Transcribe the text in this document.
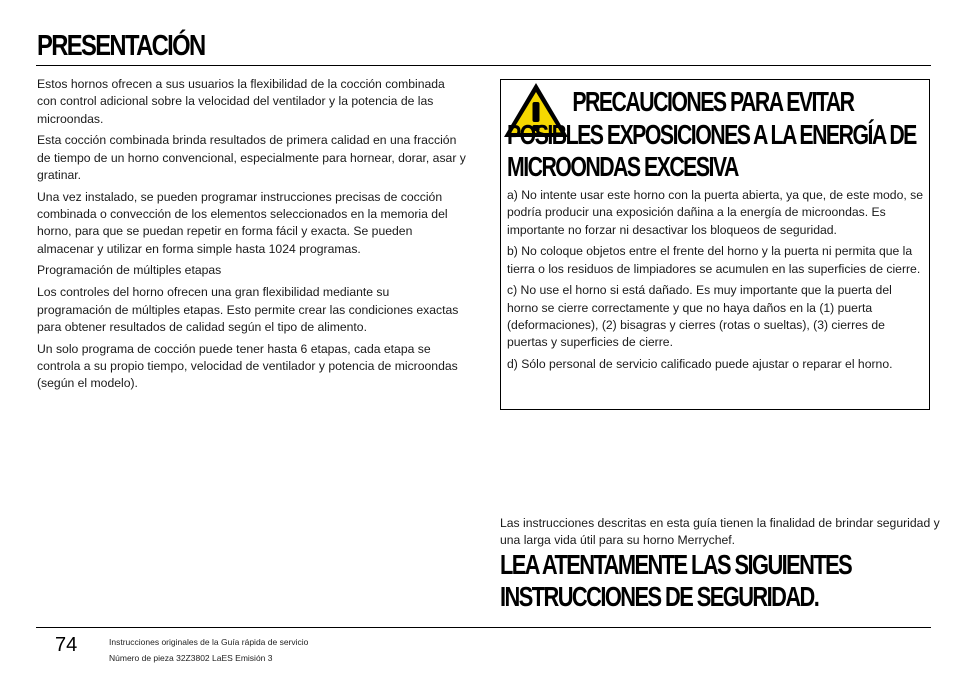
PRESENTACIÓN

Estos hornos ofrecen a sus usuarios la flexibilidad de la cocción combinada con control adicional sobre la velocidad del ventilador y la potencia de las microondas.

Esta cocción combinada brinda resultados de primera calidad en una fracción de tiempo de un horno convencional, especialmente para hornear, dorar, asar y gratinar.

Una vez instalado, se pueden programar instrucciones precisas de cocción combinada o convección de los elementos seleccionados en la memoria del horno, para que se puedan repetir en forma fácil y exacta. Se pueden almacenar y utilizar en forma simple hasta 1024 programas.

Programación de múltiples etapas

Los controles del horno ofrecen una gran flexibilidad mediante su programación de múltiples etapas. Esto permite crear las condiciones exactas para obtener resultados de calidad según el tipo de alimento.

Un solo programa de cocción puede tener hasta 6 etapas, cada etapa se controla a su propio tiempo, velocidad de ventilador y potencia de microondas (según el modelo).

PRECAUCIONES PARA EVITAR POSIBLES EXPOSICIONES A LA ENERGÍA DE MICROONDAS EXCESIVA

a) No intente usar este horno con la puerta abierta, ya que, de este modo, se podría producir una exposición dañina a la energía de microondas. Es importante no forzar ni desactivar los bloqueos de seguridad.

b) No coloque objetos entre el frente del horno y la puerta ni permita que la tierra o los residuos de limpiadores se acumulen en las superficies de cierre.

c) No use el horno si está dañado. Es muy importante que la puerta del horno se cierre correctamente y que no haya daños en la (1) puerta (deformaciones), (2) bisagras y cierres (rotas o sueltas), (3) cierres de puertas y superficies de cierre.

d) Sólo personal de servicio calificado puede ajustar o reparar el horno.

Las instrucciones descritas en esta guía tienen la finalidad de brindar seguridad y una larga vida útil para su horno Merrychef.

LEA ATENTAMENTE LAS SIGUIENTES
INSTRUCCIONES DE SEGURIDAD.
74	Instrucciones originales de la Guía rápida de servicio
Número de pieza 32Z3802 LaES Emisión 3
